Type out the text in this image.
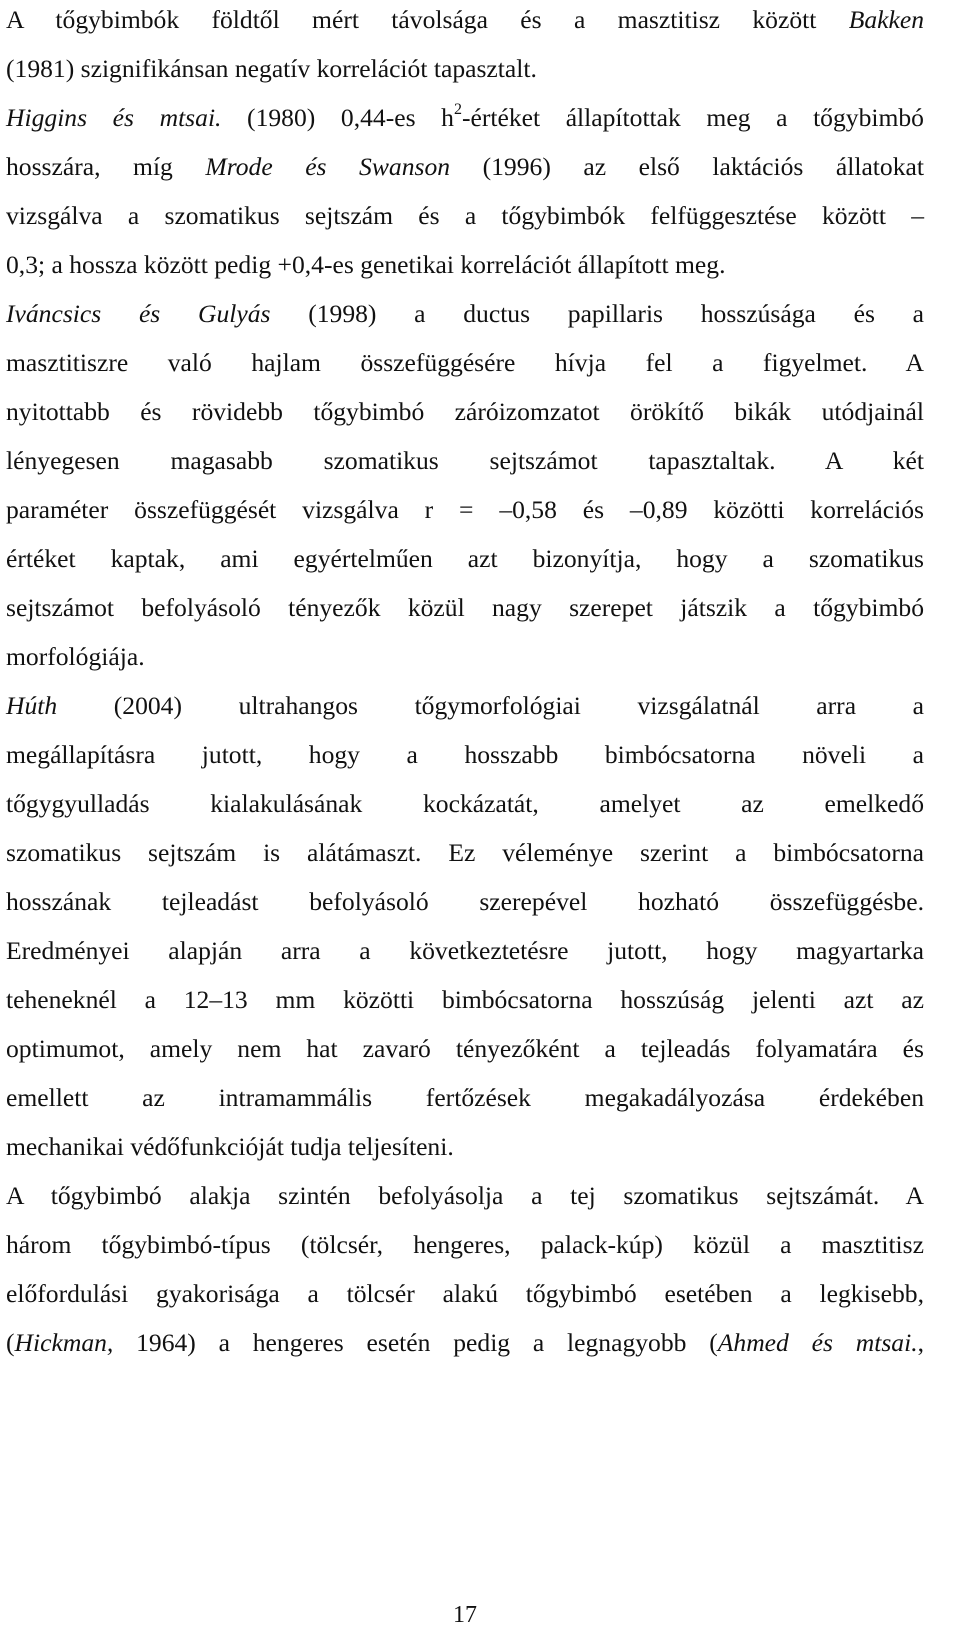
A tőgybimbók földtől mért távolsága és a masztitisz között Bakken
(1981) szignifikánsan negatív korrelációt tapasztalt.
Higgins és mtsai. (1980) 0,44-es $h^2$-értéket állapítottak meg a tőgybimbó
hosszára, míg Mrode és Swanson (1996) az első laktációs állatokat
vizsgálva a szomatikus sejtszám és a tőgybimbók felfüggesztése között –
0,3; a hossza között pedig +0,4-es genetikai korrelációt állapított meg.
Iváncsics és Gulyás (1998) a ductus papillaris hosszúsága és a
masztitiszre való hajlam összefüggésére hívja fel a figyelmet. A
nyitottabb és rövidebb tőgybimbó záróizomzatot örökítő bikák utódjainál
lényegesen magasabb szomatikus sejtszámot tapasztaltak. A két
paraméter összefüggését vizsgálva r = –0,58 és –0,89 közötti korrelációs
értéket kaptak, ami egyértelműen azt bizonyítja, hogy a szomatikus
sejtszámot befolyásoló tényezők közül nagy szerepet játszik a tőgybimbó
morfológiája.
Húth (2004) ultrahangos tőgymorfológiai vizsgálatnál arra a
megállapításra jutott, hogy a hosszabb bimbócsatorna növeli a
tőgygyulladás kialakulásának kockázatát, amelyet az emelkedő
szomatikus sejtszám is alátámaszt. Ez véleménye szerint a bimbócsatorna
hosszának tejleadást befolyásoló szerepével hozható összefüggésbe.
Eredményei alapján arra a következtetésre jutott, hogy magyartarka
teheneknél a 12–13 mm közötti bimbócsatorna hosszúság jelenti azt az
optimumot, amely nem hat zavaró tényezőként a tejleadás folyamatára és
emellett az intramammális fertőzések megakadályozása érdekében
mechanikai védőfunkcióját tudja teljesíteni.
A tőgybimbó alakja szintén befolyásolja a tej szomatikus sejtszámát. A
három tőgybimbó-típus (tölcsér, hengeres, palack-kúp) közül a masztitisz
előfordulási gyakorisága a tölcsér alakú tőgybimbó esetében a legkisebb,
(Hickman, 1964) a hengeres esetén pedig a legnagyobb (Ahmed és mtsai.,
17
